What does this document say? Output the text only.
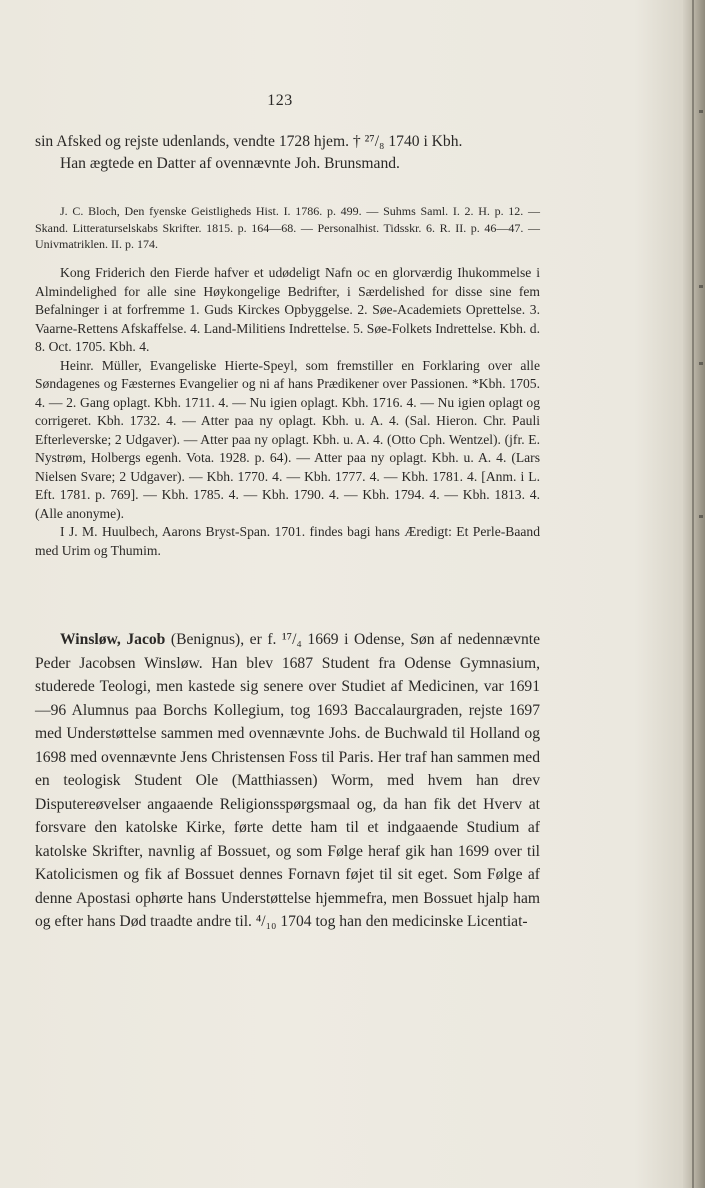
123

sin Afsked og rejste udenlands, vendte 1728 hjem. † ²⁷/₈ 1740 i Kbh.

Han ægtede en Datter af ovennævnte Joh. Brunsmand.

J. C. Bloch, Den fyenske Geistligheds Hist. I. 1786. p. 499. — Suhms Saml. I. 2. H. p. 12. — Skand. Litteraturselskabs Skrifter. 1815. p. 164—68. — Personalhist. Tidsskr. 6. R. II. p. 46—47. — Univmatriklen. II. p. 174.

Kong Friderich den Fierde hafver et udødeligt Nafn oc en glorværdig Ihukommelse i Almindelighed for alle sine Høykongelige Bedrifter, i Særdelished for disse sine fem Befalninger i at forfremme 1. Guds Kirckes Opbyggelse. 2. Søe-Academiets Oprettelse. 3. Vaarne-Rettens Afskaffelse. 4. Land-Militiens Indrettelse. 5. Søe-Folkets Indrettelse. Kbh. d. 8. Oct. 1705. Kbh. 4.

Heinr. Müller, Evangeliske Hierte-Speyl, som fremstiller en Forklaring over alle Søndagenes og Fæsternes Evangelier og ni af hans Prædikener over Passionen. *Kbh. 1705. 4. — 2. Gang oplagt. Kbh. 1711. 4. — Nu igien oplagt. Kbh. 1716. 4. — Nu igien oplagt og corrigeret. Kbh. 1732. 4. — Atter paa ny oplagt. Kbh. u. A. 4. (Sal. Hieron. Chr. Pauli Efterleverske; 2 Udgaver). — Atter paa ny oplagt. Kbh. u. A. 4. (Otto Cph. Wentzel). (jfr. E. Nystrøm, Holbergs egenh. Vota. 1928. p. 64). — Atter paa ny oplagt. Kbh. u. A. 4. (Lars Nielsen Svare; 2 Udgaver). — Kbh. 1770. 4. — Kbh. 1777. 4. — Kbh. 1781. 4. [Anm. i L. Eft. 1781. p. 769]. — Kbh. 1785. 4. — Kbh. 1790. 4. — Kbh. 1794. 4. — Kbh. 1813. 4. (Alle anonyme).

I J. M. Huulbech, Aarons Bryst-Span. 1701. findes bagi hans Æredigt: Et Perle-Baand med Urim og Thumim.

Winsløw, Jacob (Benignus), er f. ¹⁷/₄ 1669 i Odense, Søn af nedennævnte Peder Jacobsen Winsløw. Han blev 1687 Student fra Odense Gymnasium, studerede Teologi, men kastede sig senere over Studiet af Medicinen, var 1691—96 Alumnus paa Borchs Kollegium, tog 1693 Baccalaurgraden, rejste 1697 med Understøttelse sammen med ovennævnte Johs. de Buchwald til Holland og 1698 med ovennævnte Jens Christensen Foss til Paris. Her traf han sammen med en teologisk Student Ole (Matthiassen) Worm, med hvem han drev Disputereøvelser angaaende Religionsspørgsmaal og, da han fik det Hverv at forsvare den katolske Kirke, førte dette ham til et indgaaende Studium af katolske Skrifter, navnlig af Bossuet, og som Følge heraf gik han 1699 over til Katolicismen og fik af Bossuet dennes Fornavn føjet til sit eget. Som Følge af denne Apostasi ophørte hans Understøttelse hjemmefra, men Bossuet hjalp ham og efter hans Død traadte andre til. ⁴/₁₀ 1704 tog han den medicinske Licentiat-
